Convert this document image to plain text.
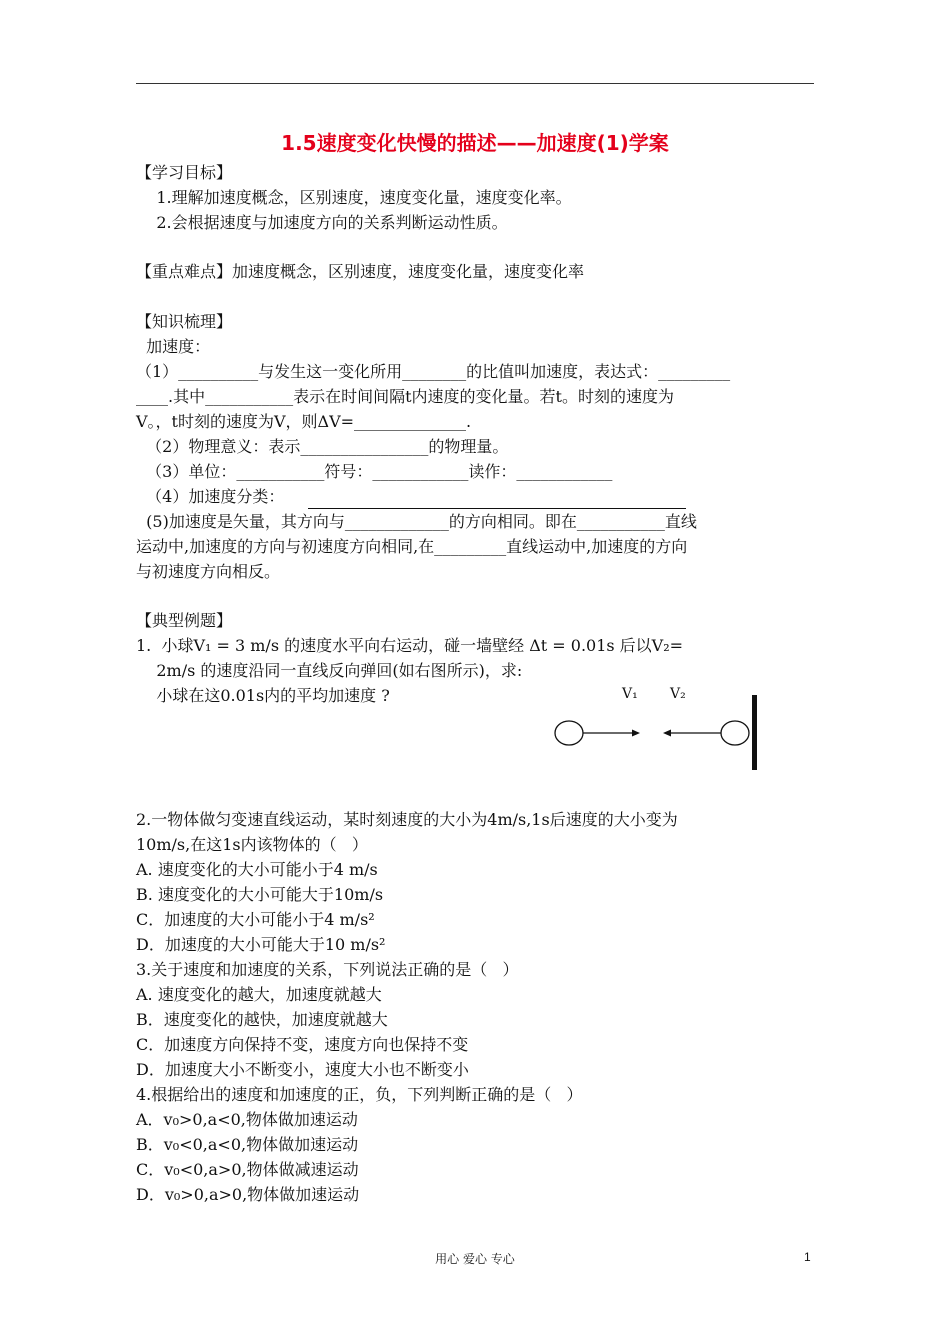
1.5速度变化快慢的描述——加速度(1)学案
【学习目标】
1.理解加速度概念，区别速度，速度变化量，速度变化率。
2.会根据速度与加速度方向的关系判断运动性质。
【重点难点】加速度概念，区别速度，速度变化量，速度变化率
【知识梳理】
加速度：
（1）__________与发生这一变化所用________的比值叫加速度，表达式：_________
____.其中___________表示在时间间隔t内速度的变化量。若t。时刻的速度为
V。，t时刻的速度为V，则ΔV=______________.
（2）物理意义：表示________________的物理量。
（3）单位：___________符号：____________读作：____________
（4）加速度分类：
(5)加速度是矢量，其方向与_____________的方向相同。即在___________直线
运动中,加速度的方向与初速度方向相同,在_________直线运动中,加速度的方向
与初速度方向相反。
【典型例题】
1.  小球V₁ = 3 m/s 的速度水平向右运动，碰一墙壁经 Δt = 0.01s 后以V₂=
2m/s 的速度沿同一直线反向弹回(如右图所示)，求:
小球在这0.01s内的平均加速度 ?
2.一物体做匀变速直线运动，某时刻速度的大小为4m/s,1s后速度的大小变为
10m/s,在这1s内该物体的（   ）
A. 速度变化的大小可能小于4 m/s
B. 速度变化的大小可能大于10m/s
C．加速度的大小可能小于4 m/s²
D．加速度的大小可能大于10 m/s²
3.关于速度和加速度的关系，下列说法正确的是（   ）
A. 速度变化的越大，加速度就越大
B．速度变化的越快，加速度就越大
C．加速度方向保持不变，速度方向也保持不变
D．加速度大小不断变小，速度大小也不断变小
4.根据给出的速度和加速度的正，负，下列判断正确的是（   ）
A．v₀>0,a<0,物体做加速运动
B．v₀<0,a<0,物体做加速运动
C．v₀<0,a>0,物体做减速运动
D．v₀>0,a>0,物体做加速运动
V₁ V₂
用心 爱心 专心	1
